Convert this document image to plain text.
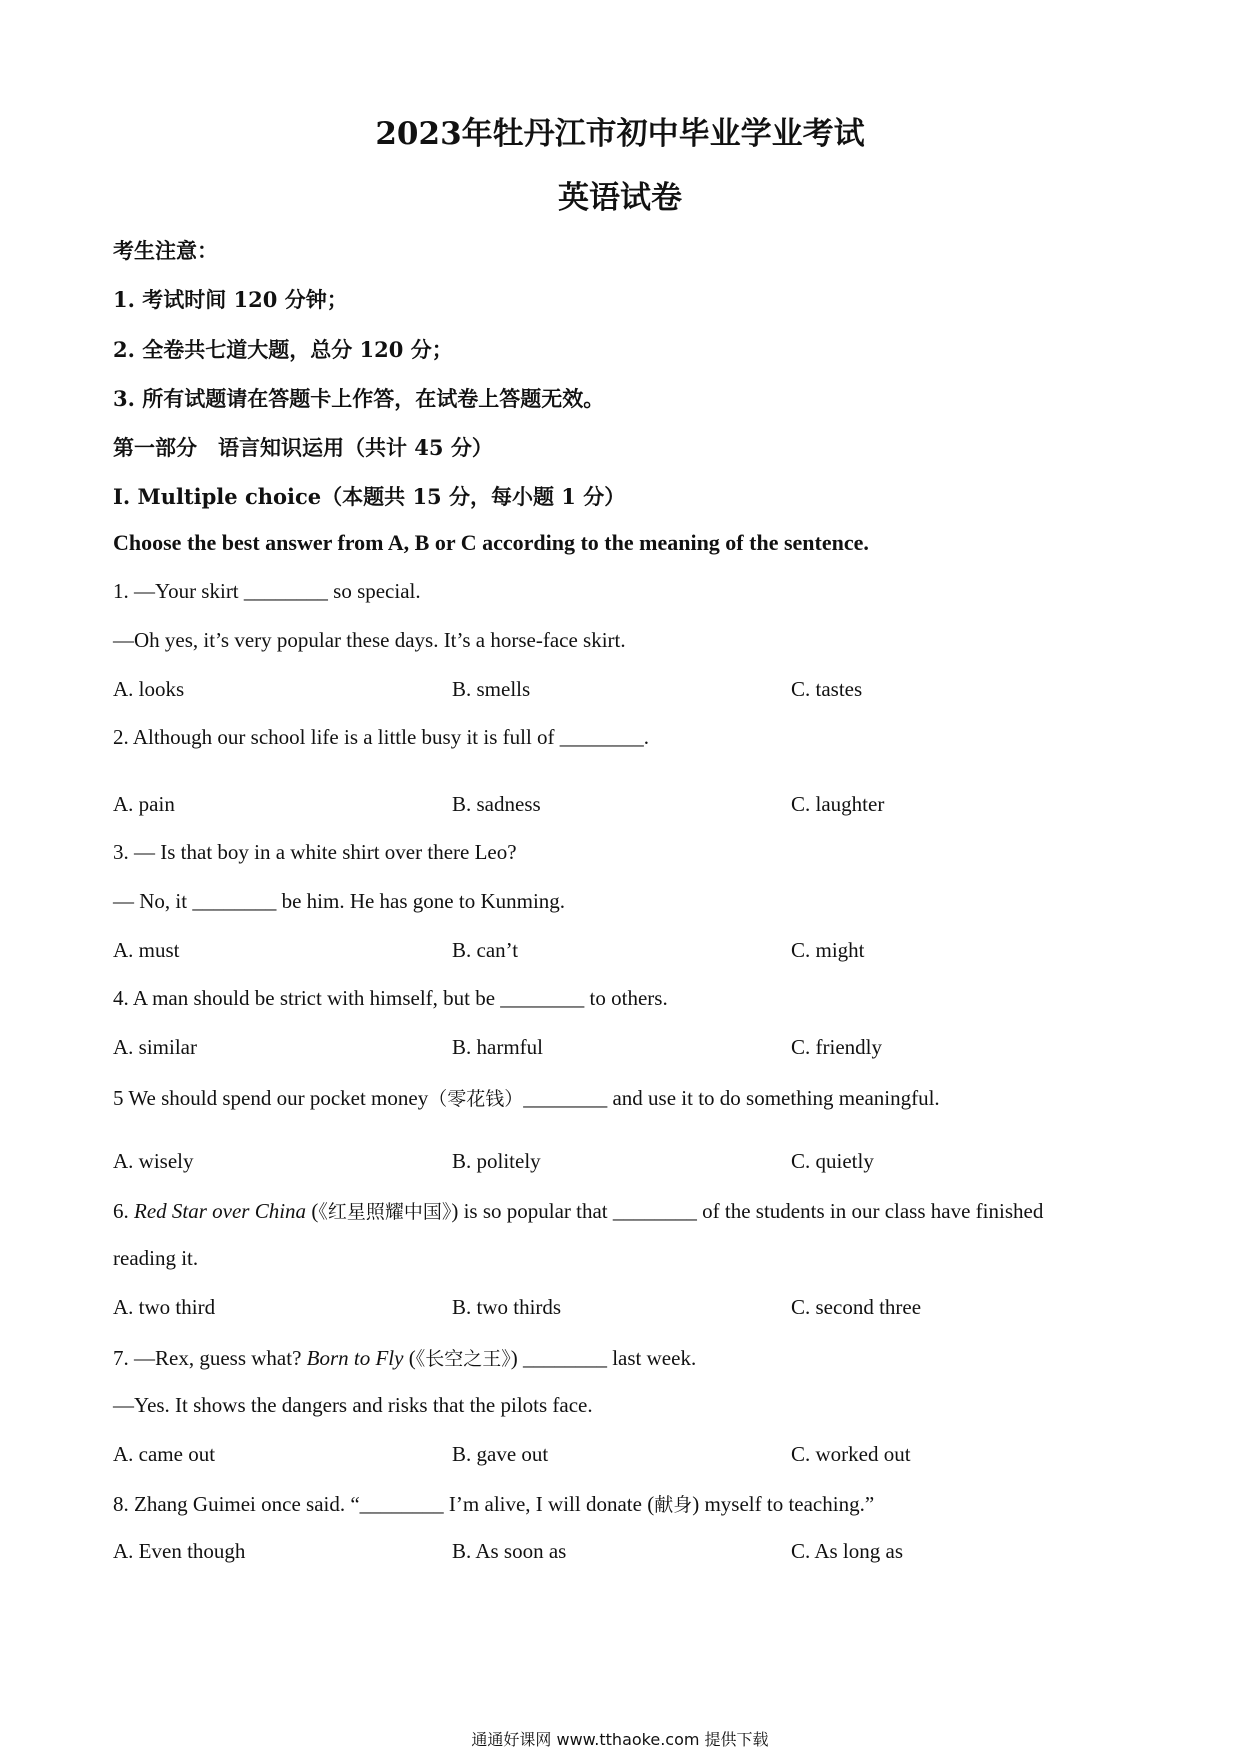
2023年牡丹江市初中毕业学业考试
英语试卷
考生注意：
1. 考试时间 120 分钟；
2. 全卷共七道大题，总分 120 分；
3. 所有试题请在答题卡上作答，在试卷上答题无效。
第一部分　语言知识运用（共计 45 分）
Ⅰ. Multiple choice（本题共 15 分，每小题 1 分）
Choose the best answer from A, B or C according to the meaning of the sentence.
1. —Your skirt ________ so special.
—Oh yes, it’s very popular these days. It’s a horse-face skirt.
A. looks	B. smells	C. tastes
2. Although our school life is a little busy it is full of ________.
A. pain	B. sadness	C. laughter
3. — Is that boy in a white shirt over there Leo?
— No, it ________ be him. He has gone to Kunming.
A. must	B. can’t	C. might
4. A man should be strict with himself, but be ________ to others.
A. similar	B. harmful	C. friendly
5 We should spend our pocket money（零花钱）________ and use it to do something meaningful.
A. wisely	B. politely	C. quietly
6. Red Star over China (《红星照耀中国》) is so popular that ________ of the students in our class have finished
reading it.
A. two third	B. two thirds	C. second three
7. —Rex, guess what? Born to Fly (《长空之王》) ________ last week.
—Yes. It shows the dangers and risks that the pilots face.
A. came out	B. gave out	C. worked out
8. Zhang Guimei once said. “________ I’m alive, I will donate (献身) myself to teaching.”
A. Even though	B. As soon as	C. As long as
通通好课网 www.tthaoke.com 提供下载
